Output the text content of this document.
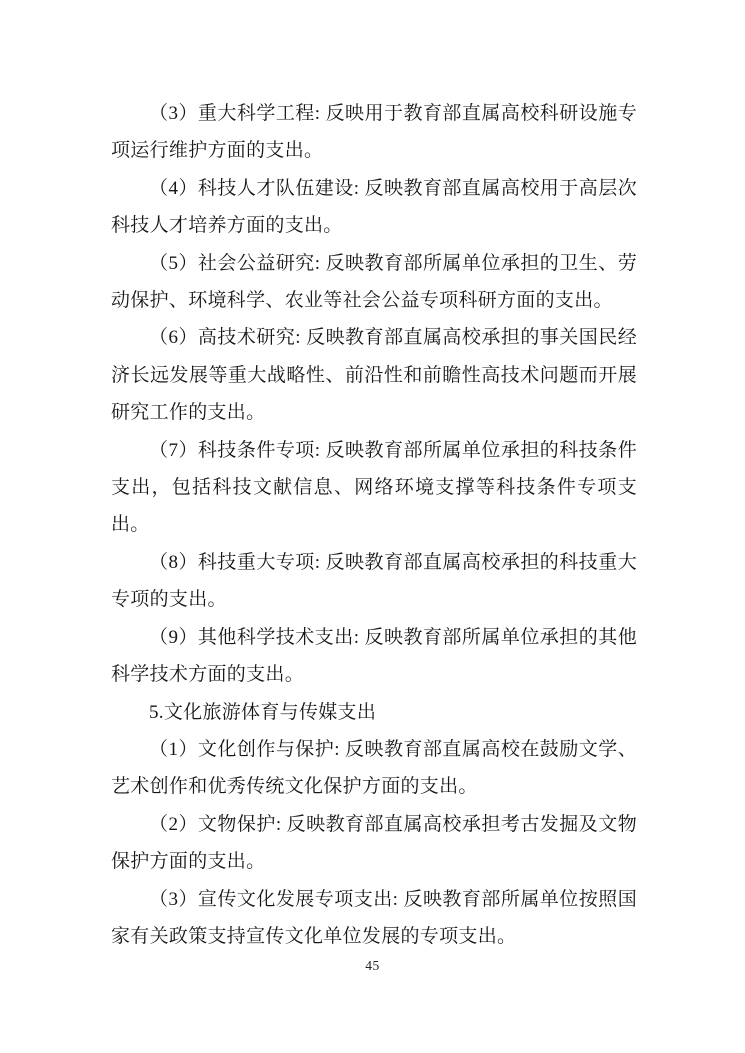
（3）重大科学工程: 反映用于教育部直属高校科研设施专项运行维护方面的支出。

（4）科技人才队伍建设: 反映教育部直属高校用于高层次科技人才培养方面的支出。

（5）社会公益研究: 反映教育部所属单位承担的卫生、劳动保护、环境科学、农业等社会公益专项科研方面的支出。

（6）高技术研究: 反映教育部直属高校承担的事关国民经济长远发展等重大战略性、前沿性和前瞻性高技术问题而开展研究工作的支出。

（7）科技条件专项: 反映教育部所属单位承担的科技条件支出，包括科技文献信息、网络环境支撑等科技条件专项支出。

（8）科技重大专项: 反映教育部直属高校承担的科技重大专项的支出。

（9）其他科学技术支出: 反映教育部所属单位承担的其他科学技术方面的支出。

5.文化旅游体育与传媒支出

（1）文化创作与保护: 反映教育部直属高校在鼓励文学、艺术创作和优秀传统文化保护方面的支出。

（2）文物保护: 反映教育部直属高校承担考古发掘及文物保护方面的支出。

（3）宣传文化发展专项支出: 反映教育部所属单位按照国家有关政策支持宣传文化单位发展的专项支出。

45
